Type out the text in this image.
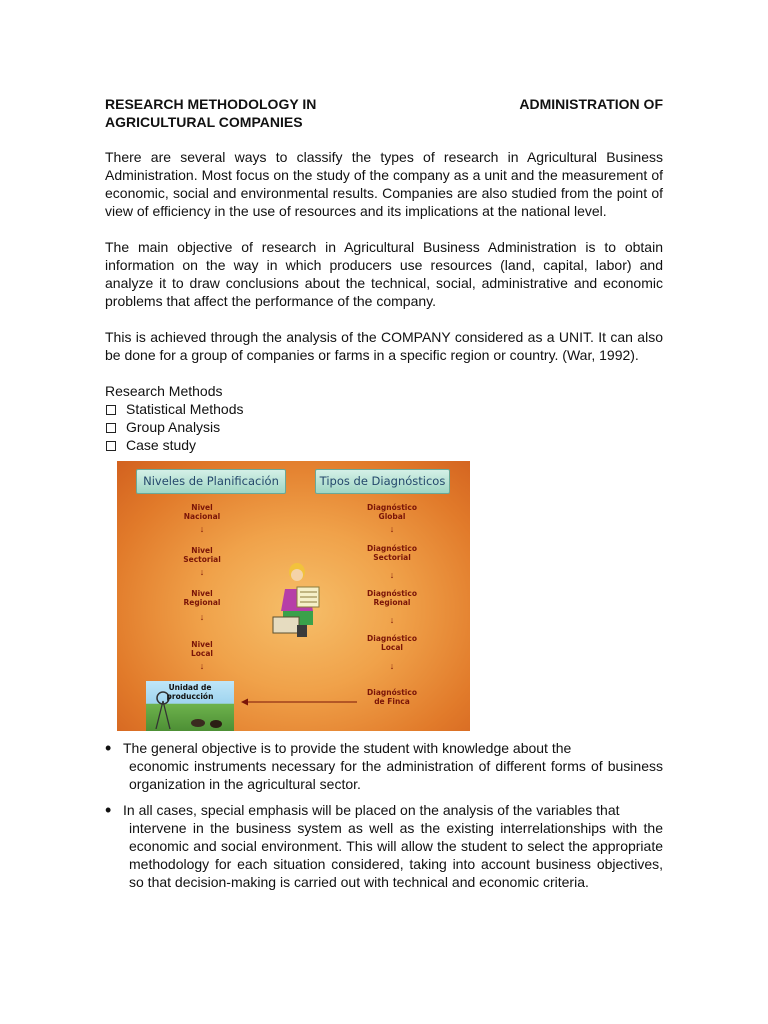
RESEARCH METHODOLOGY IN	ADMINISTRATION OF
AGRICULTURAL COMPANIES

There are several ways to classify the types of research in Agricultural Business Administration. Most focus on the study of the company as a unit and the measurement of economic, social and environmental results. Companies are also studied from the point of view of efficiency in the use of resources and its implications at the national level.

The main objective of research in Agricultural Business Administration is to obtain information on the way in which producers use resources (land, capital, labor) and analyze it to draw conclusions about the technical, social, administrative and economic problems that affect the performance of the company.

This is achieved through the analysis of the COMPANY considered as a UNIT. It can also be done for a group of companies or farms in a specific region or country. (War, 1992).

Research Methods
Statistical Methods
Group Analysis
Case study
Niveles de Planificación	Tipos de Diagnósticos
Nivel
Nacional
↓
Nivel
Sectorial
↓
Nivel
Regional
↓
Nivel
Local
↓
Diagnóstico
Global
↓
Diagnóstico
Sectorial
↓
Diagnóstico
Regional
↓
Diagnóstico
Local
↓
Diagnóstico
de Finca
Unidad de
producción
• The general objective is to provide the student with knowledge about the
economic instruments necessary for the administration of different forms of business organization in the agricultural sector.
• In all cases, special emphasis will be placed on the analysis of the variables that
intervene in the business system as well as the existing interrelationships with the economic and social environment. This will allow the student to select the appropriate methodology for each situation considered, taking into account business objectives, so that decision-making is carried out with technical and economic criteria.
